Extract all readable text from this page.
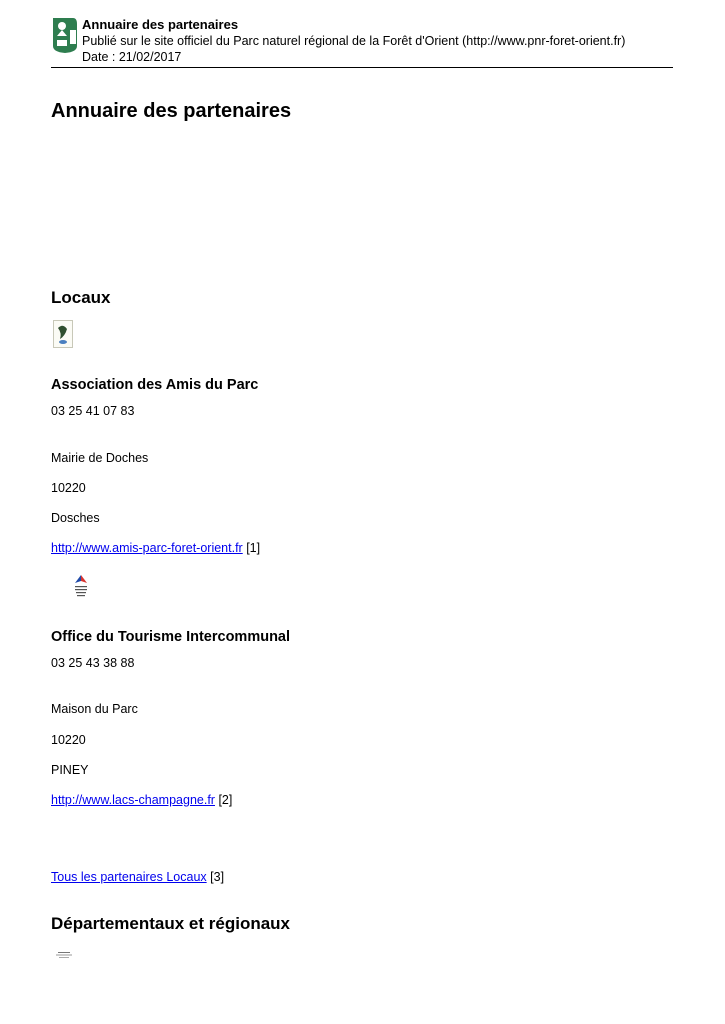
Annuaire des partenaires
Publié sur le site officiel du Parc naturel régional de la Forêt d'Orient (http://www.pnr-foret-orient.fr)
Date : 21/02/2017
Annuaire des partenaires
Locaux
Association des Amis du Parc
03 25 41 07 83
Mairie de Doches
10220
Dosches
http://www.amis-parc-foret-orient.fr [1]
Office du Tourisme Intercommunal
03 25 43 38 88
Maison du Parc
10220
PINEY
http://www.lacs-champagne.fr [2]
Tous les partenaires Locaux [3]
Départementaux et régionaux
